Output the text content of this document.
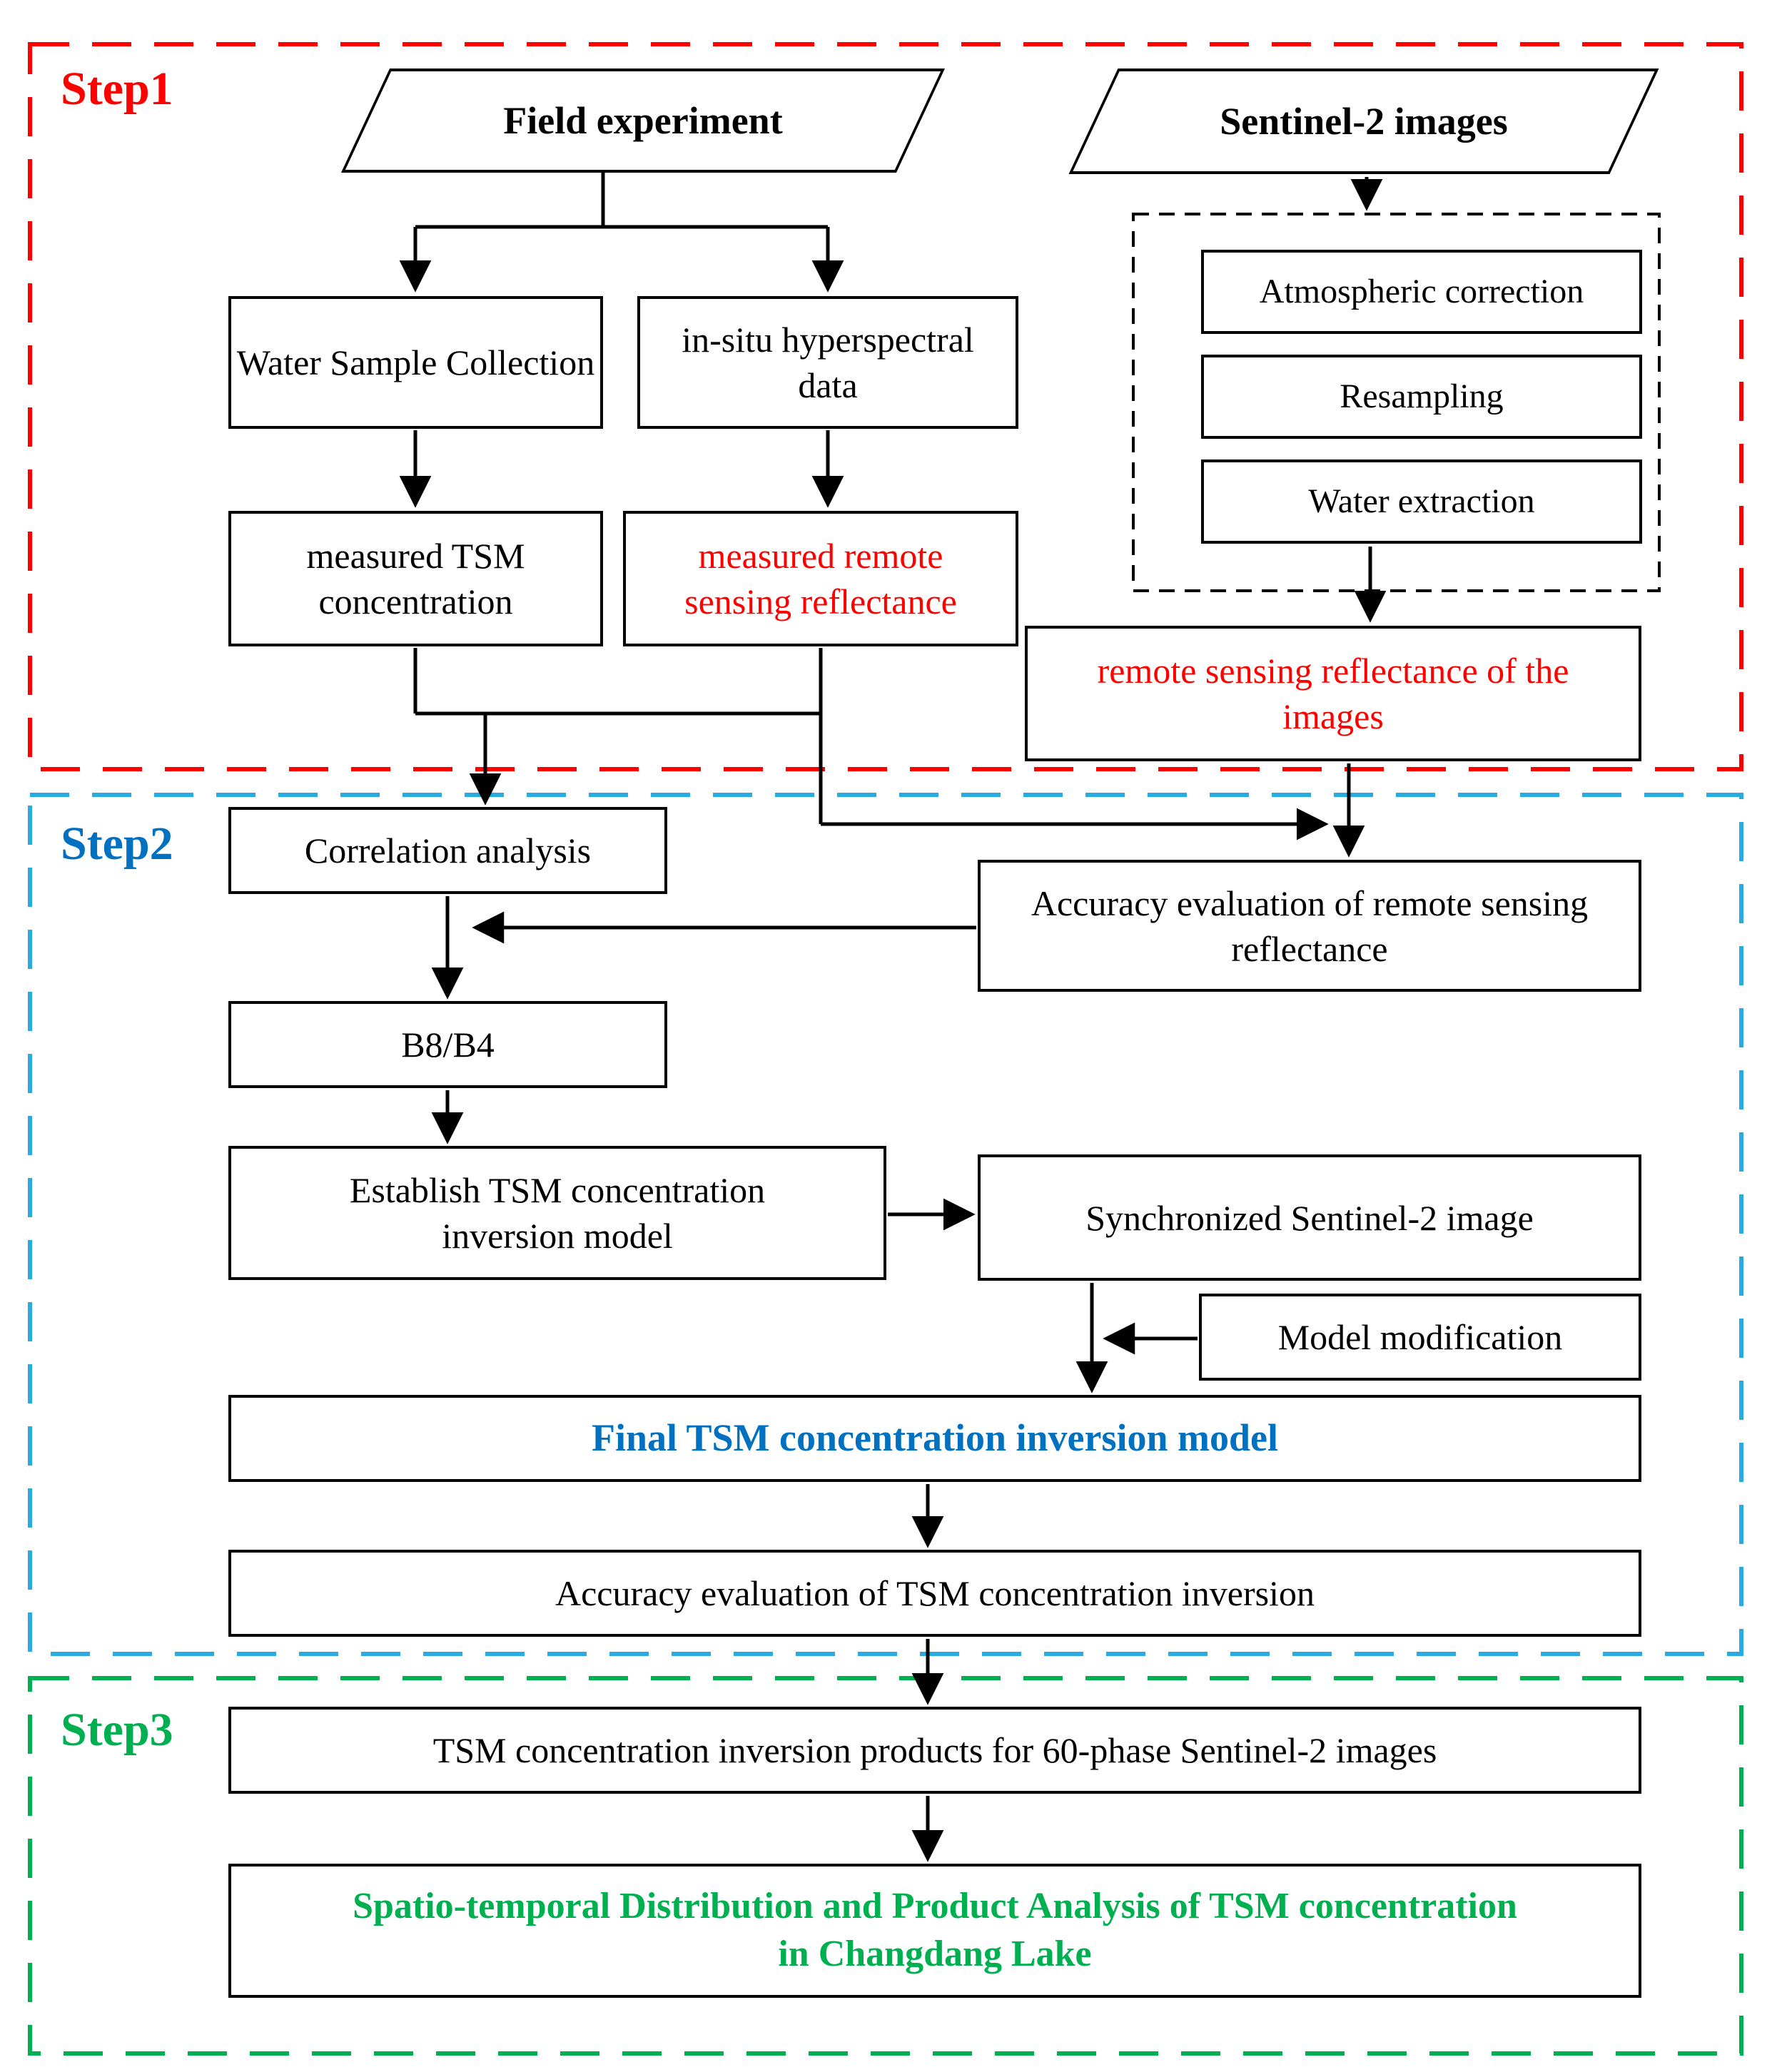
Step1
Step2
Step3
Field experiment	Sentinel-2 images
Water Sample Collection
in-situ hyperspectral data
measured TSM concentration
measured remote sensing reflectance
Atmospheric correction
Resampling
Water extraction
remote sensing reflectance of the images
Correlation analysis
Accuracy evaluation of remote sensing reflectance
B8/B4
Establish TSM concentration inversion model	Synchronized Sentinel-2 image
Model modification
Final TSM concentration inversion model
Accuracy evaluation of TSM concentration inversion
TSM concentration inversion products for 60-phase Sentinel-2 images
Spatio-temporal Distribution and Product Analysis of TSM concentration in Changdang Lake
